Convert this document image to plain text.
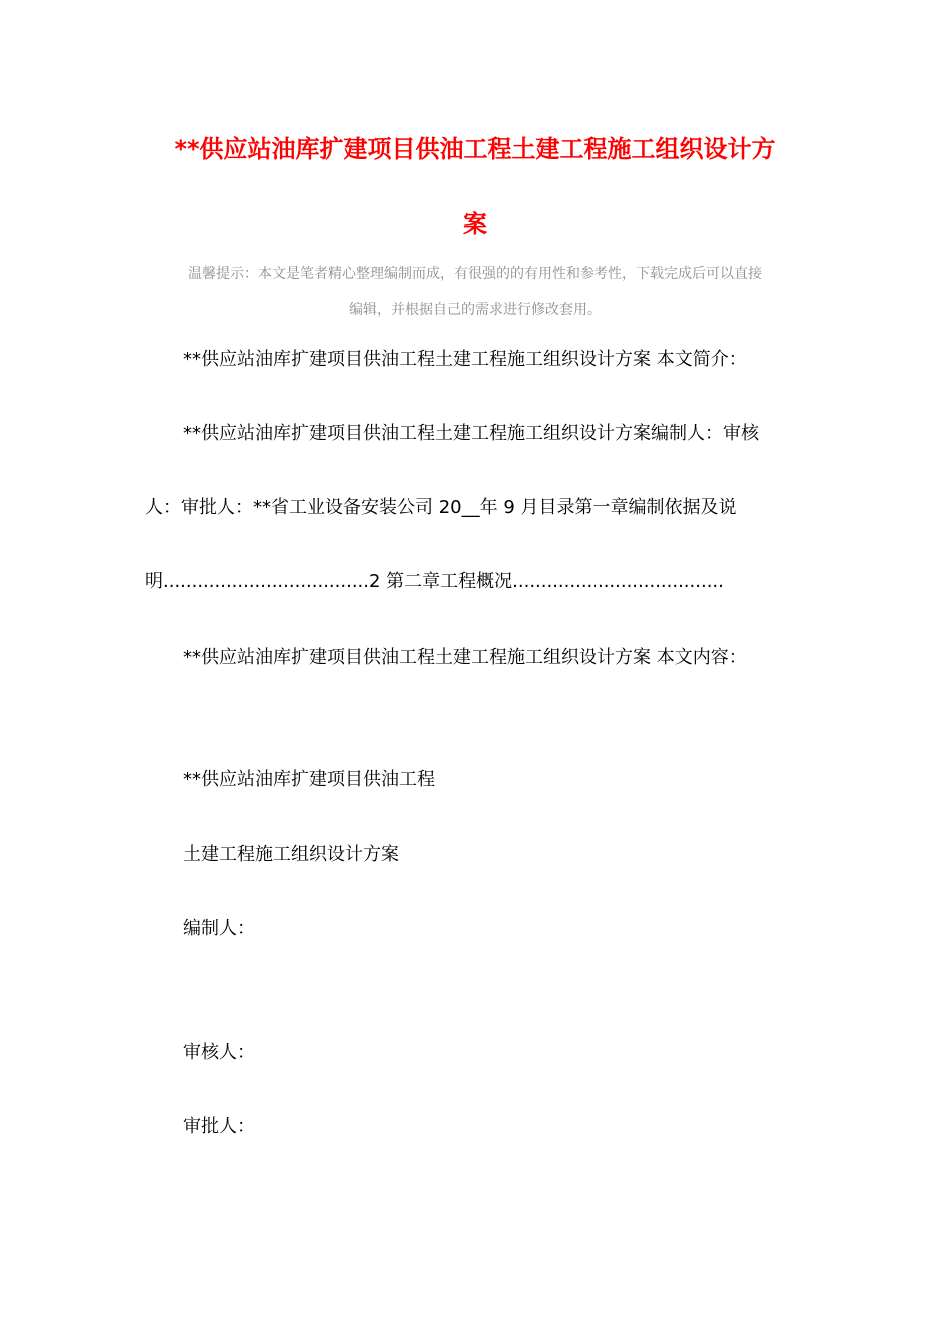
**供应站油库扩建项目供油工程土建工程施工组织设计方
案
温馨提示：本文是笔者精心整理编制而成，有很强的的有用性和参考性，下载完成后可以直接
编辑，并根据自己的需求进行修改套用。
**供应站油库扩建项目供油工程土建工程施工组织设计方案 本文简介：
**供应站油库扩建项目供油工程土建工程施工组织设计方案编制人：审核
人：审批人：**省工业设备安装公司 20__年 9 月目录第一章编制依据及说
明....................................2 第二章工程概况.....................................
**供应站油库扩建项目供油工程土建工程施工组织设计方案 本文内容：
**供应站油库扩建项目供油工程
土建工程施工组织设计方案
编制人：
审核人：
审批人：
